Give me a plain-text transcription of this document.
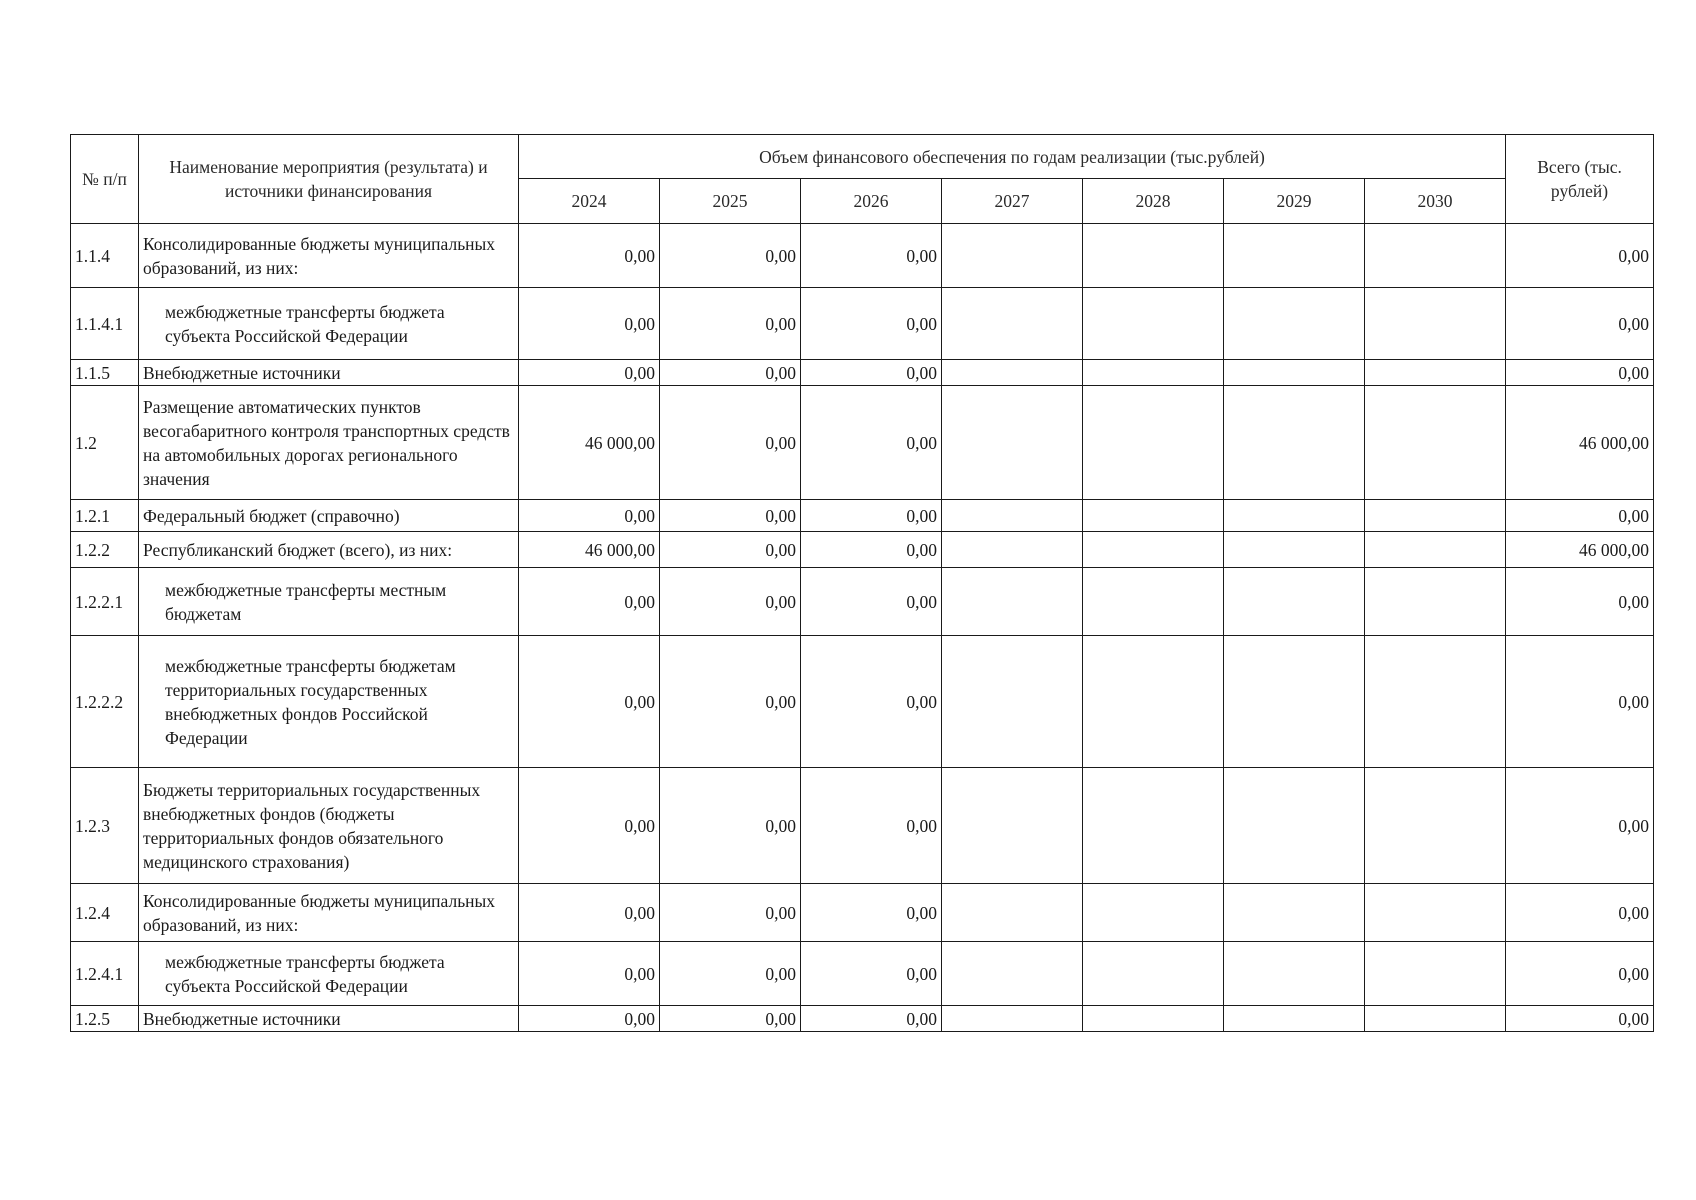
№ п/п	Наименование мероприятия (результата) и источники финансирования	Объем финансового обеспечения по годам реализации (тыс.рублей)							Всего (тыс. рублей)
		2024	2025	2026	2027	2028	2029	2030	
1.1.4	Консолидированные бюджеты муниципальных образований, из них:	0,00	0,00	0,00					0,00
1.1.4.1	межбюджетные трансферты бюджета субъекта Российской Федерации	0,00	0,00	0,00					0,00
1.1.5	Внебюджетные источники	0,00	0,00	0,00					0,00
1.2	Размещение автоматических пунктов весогабаритного контроля транспортных средств на автомобильных дорогах регионального значения	46 000,00	0,00	0,00					46 000,00
1.2.1	Федеральный бюджет (справочно)	0,00	0,00	0,00					0,00
1.2.2	Республиканский бюджет (всего), из них:	46 000,00	0,00	0,00					46 000,00
1.2.2.1	межбюджетные трансферты местным бюджетам	0,00	0,00	0,00					0,00
1.2.2.2	межбюджетные трансферты бюджетам территориальных государственных внебюджетных фондов Российской Федерации	0,00	0,00	0,00					0,00
1.2.3	Бюджеты территориальных государственных внебюджетных фондов (бюджеты территориальных фондов обязательного медицинского страхования)	0,00	0,00	0,00					0,00
1.2.4	Консолидированные бюджеты муниципальных образований, из них:	0,00	0,00	0,00					0,00
1.2.4.1	межбюджетные трансферты бюджета субъекта Российской Федерации	0,00	0,00	0,00					0,00
1.2.5	Внебюджетные источники	0,00	0,00	0,00					0,00
